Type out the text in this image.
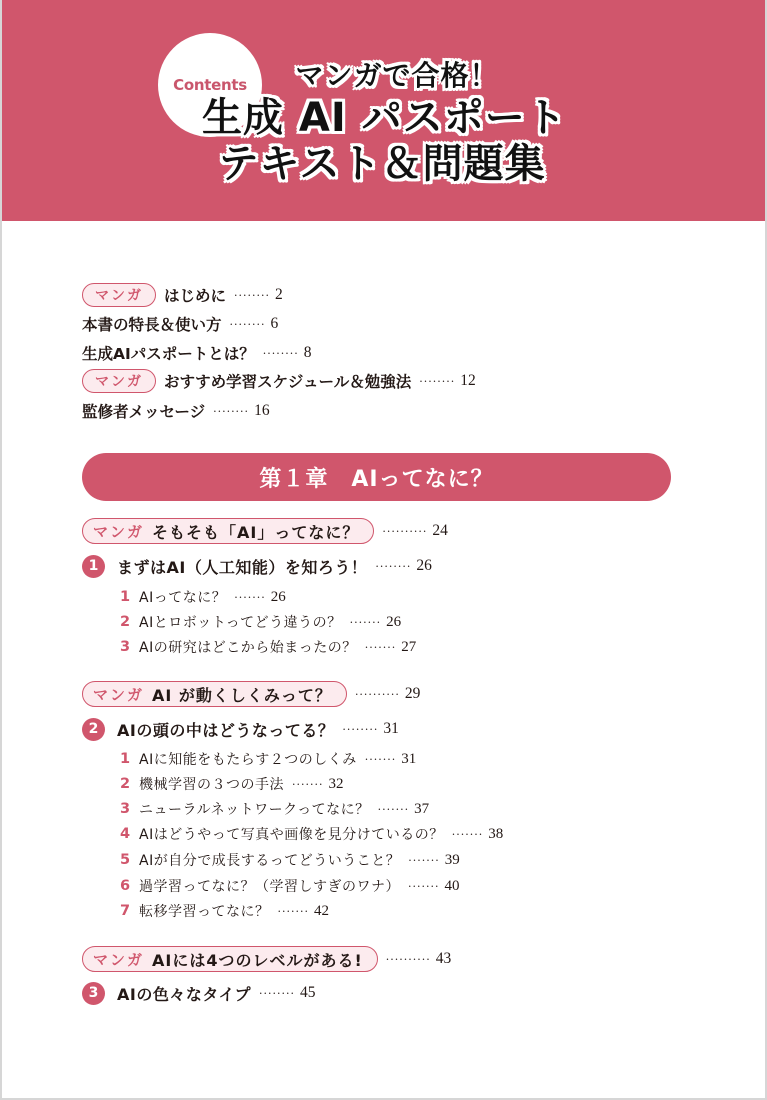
Contents	マンガで合格！
生成 AI パスポート
テキスト＆問題集
マンガ	はじめに ········ 2
本書の特長＆使い方 ········ 6
生成AIパスポートとは？ ········ 8
マンガ	おすすめ学習スケジュール＆勉強法 ········ 12
監修者メッセージ ········ 16
第１章　AIってなに？
マンガ そもそも「AI」ってなに？ ·········· 24
1	まずはAI（人工知能）を知ろう！ ········ 26
1 AIってなに？ ······· 26
2 AIとロボットってどう違うの？ ······· 26
3 AIの研究はどこから始まったの？ ······· 27
マンガ AI が動くしくみって？ ·········· 29
2	AIの頭の中はどうなってる？ ········ 31
1 AIに知能をもたらす２つのしくみ ······· 31
2 機械学習の３つの手法 ······· 32
3 ニューラルネットワークってなに？ ······· 37
4 AIはどうやって写真や画像を見分けているの？ ······· 38
5 AIが自分で成長するってどういうこと？ ······· 39
6 過学習ってなに？（学習しすぎのワナ） ······· 40
7 転移学習ってなに？ ······· 42
マンガ AIには4つのレベルがある! ·········· 43
3	AIの色々なタイプ ········ 45
